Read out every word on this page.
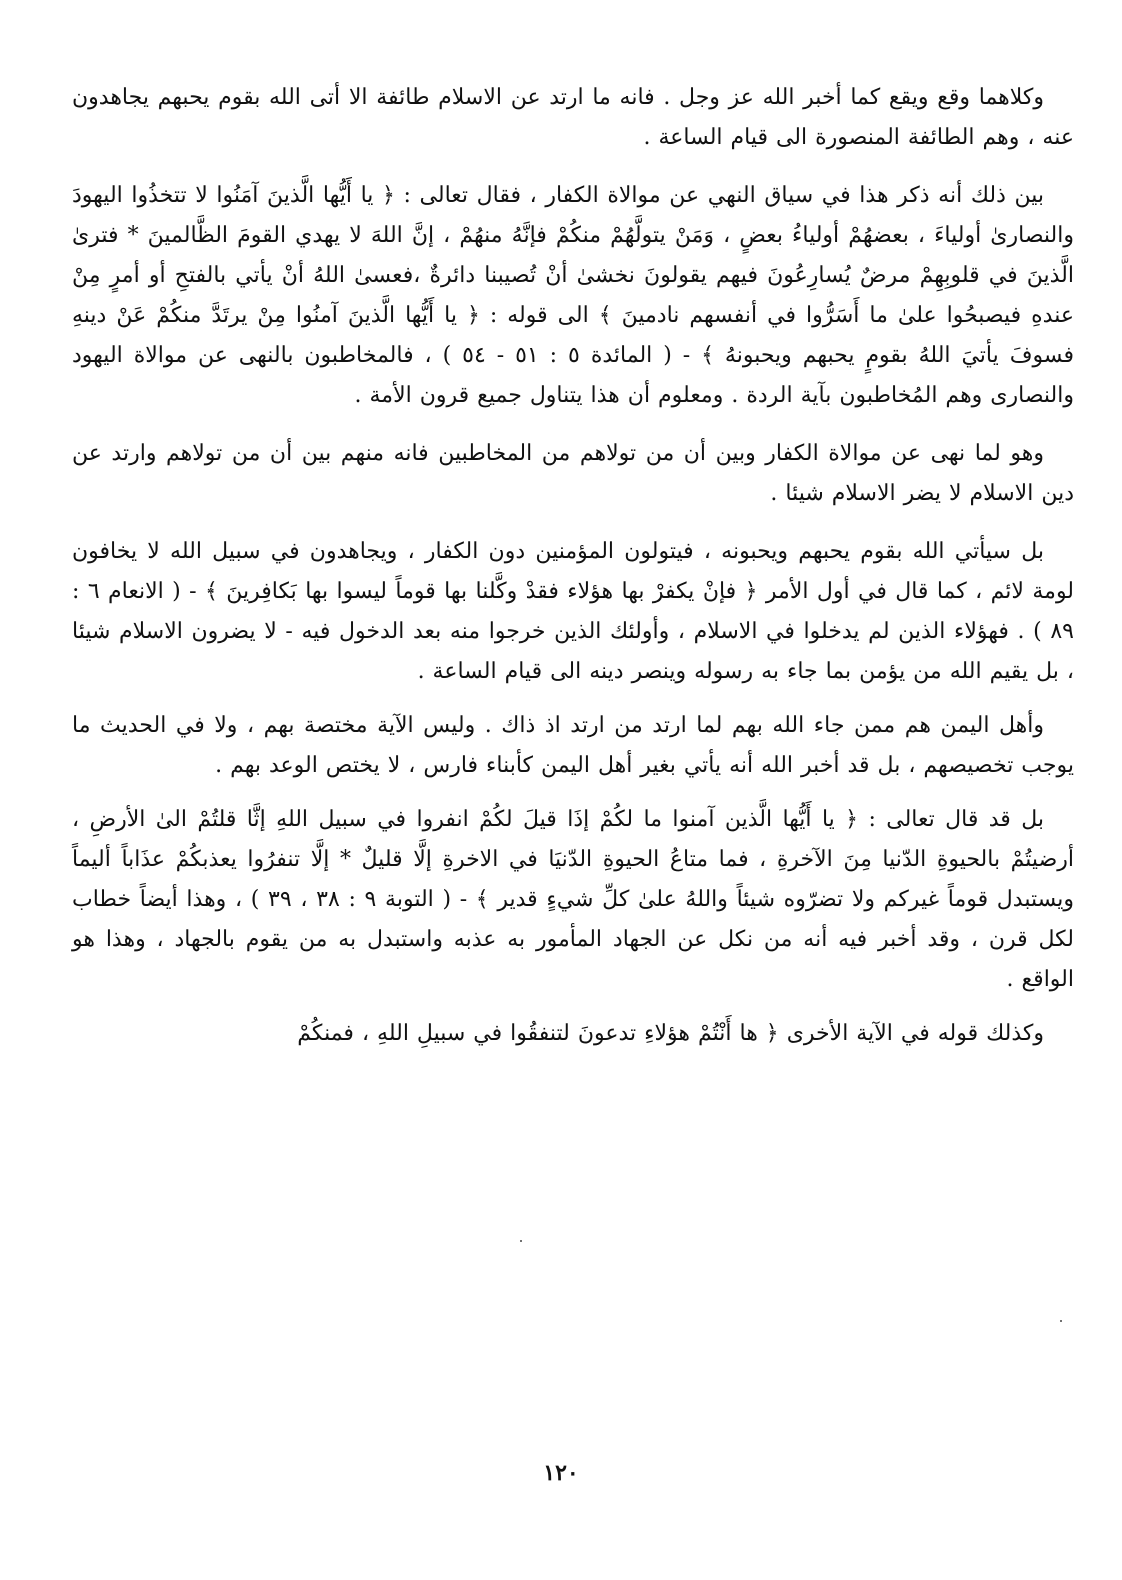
وكلاهما وقع ويقع كما أخبر الله عز وجل . فانه ما ارتد عن الاسلام طائفة الا أتى الله بقوم يحبهم يجاهدون عنه ، وهم الطائفة المنصورة الى قيام الساعة .

بين ذلك أنه ذكر هذا في سياق النهي عن موالاة الكفار ، فقال تعالى : ﴿ يا أَيُّها الَّذينَ آمَنُوا لا تتخذُوا اليهودَ والنصارىٰ أولياءَ ، بعضهُمْ أولياءُ بعضٍ ، وَمَنْ يتولَّهُمْ منكُمْ فإنَّهُ منهُمْ ، إنَّ اللهَ لا يهدي القومَ الظَّالمينَ * فترىٰ الَّذينَ في قلوبِهِمْ مرضٌ يُسارِعُونَ فيهم يقولونَ نخشىٰ أنْ تُصيبنا دائرةٌ ،فعسىٰ اللهُ أنْ يأتي بالفتحِ أو أمرٍ مِنْ عندهِ فيصبحُوا علىٰ ما أَسَرُّوا في أنفسهم نادمينَ ﴾ الى قوله : ﴿ يا أَيُّها الَّذينَ آمنُوا مِنْ يرتَدَّ منكُمْ عَنْ دينهِ فسوفَ يأتيَ اللهُ بقومٍ يحبهم ويحبونهُ ﴾ - ( المائدة ٥ : ٥١ - ٥٤ ) ، فالمخاطبون بالنهى عن موالاة اليهود والنصارى وهم المُخاطبون بآية الردة . ومعلوم أن هذا يتناول جميع قرون الأمة .

وهو لما نهى عن موالاة الكفار وبين أن من تولاهم من المخاطبين فانه منهم بين أن من تولاهم وارتد عن دين الاسلام لا يضر الاسلام شيئا .

بل سيأتي الله بقوم يحبهم ويحبونه ، فيتولون المؤمنين دون الكفار ، ويجاهدون في سبيل الله لا يخافون لومة لائم ، كما قال في أول الأمر ﴿ فإنْ يكفرْ بها هؤلاء فقدْ وكَّلنا بها قوماً ليسوا بها بَكافِرينَ ﴾ - ( الانعام ٦ : ٨٩ ) . فهؤلاء الذين لم يدخلوا في الاسلام ، وأولئك الذين خرجوا منه بعد الدخول فيه - لا يضرون الاسلام شيئا ، بل يقيم الله من يؤمن بما جاء به رسوله وينصر دينه الى قيام الساعة .

وأهل اليمن هم ممن جاء الله بهم لما ارتد من ارتد اذ ذاك . وليس الآية مختصة بهم ، ولا في الحديث ما يوجب تخصيصهم ، بل قد أخبر الله أنه يأتي بغير أهل اليمن كأبناء فارس ، لا يختص الوعد بهم .

بل قد قال تعالى : ﴿ يا أَيُّها الَّذين آمنوا ما لكُمْ إذَا قيلَ لكُمْ انفروا في سبيل اللهِ إثَّا قلتُمْ الىٰ الأرضِ ، أرضيتُمْ بالحيوةِ الدّنيا مِنَ الآخرةِ ، فما متاعُ الحيوةِ الدّنيَا في الاخرةِ إلَّا قليلٌ * إلَّا تنفرُوا يعذبكُمْ عذَاباً أليماً ويستبدل قوماً غيركم ولا تضرّوه شيئاً واللهُ علىٰ كلِّ شيءٍ قدير ﴾ - ( التوبة ٩ : ٣٨ ، ٣٩ ) ، وهذا أيضاً خطاب لكل قرن ، وقد أخبر فيه أنه من نكل عن الجهاد المأمور به عذبه واستبدل به من يقوم بالجهاد ، وهذا هو الواقع .

وكذلك قوله في الآية الأخرى ﴿ ها أَنْتُمْ هؤلاءِ تدعونَ لتنفقُوا في سبيلِ اللهِ ، فمنكُمْ

١٢٠
